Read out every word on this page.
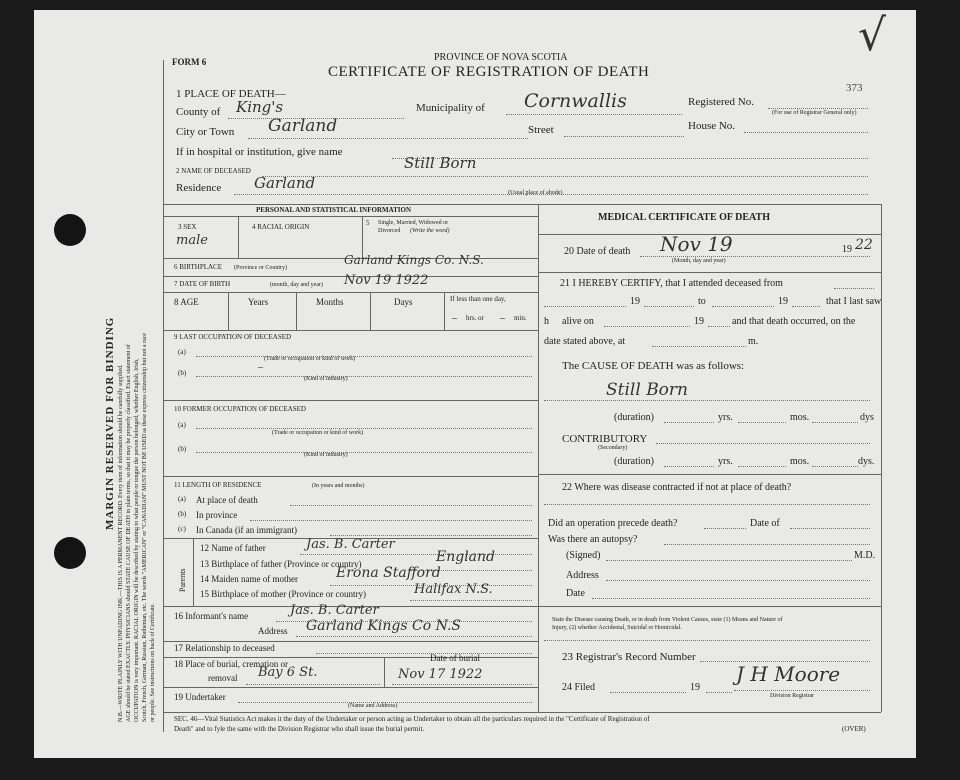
MARGIN RESERVED FOR BINDING N.B.—WRITE PLAINLY WITH UNFADING INK.—THIS IS A PERMANENT RECORD. Every item of information should be carefully supplied. AGE should be stated EXACTLY. PHYSICIANS should STATE CAUSE OF DEATH in plain terms, so that it may be properly classified. Exact statement of OCCUPATION is very important. RACIAL ORIGIN will be described by stating to what people or tongue the person belonged, whether English, Irish, Scotch, French, German, Russian, Ruthenian, etc. The words "AMERICAN" or "CANADIAN" MUST NOT BE USED as these express citizenship but not a race or people. See instructions on back of Certificate.
FORM 6	PROVINCE OF NOVA SCOTIA
CERTIFICATE OF REGISTRATION OF DEATH
√
373
1 PLACE OF DEATH—
County of King's	Municipality of Cornwallis	Registered No.
(For use of Registrar General only)
City or Town Garland	Street	House No.
If in hospital or institution, give name
2 NAME OF DECEASED	Still Born
Residence Garland
(Usual place of abode)
PERSONAL AND STATISTICAL INFORMATION
3 SEX
male
4 RACIAL ORIGIN	5 Single, Married, Widowed or
Divorced (Write the word)
6 BIRTHPLACE (Province or Country)
Garland Kings Co. N.S.
7 DATE OF BIRTH	(month, day and year) Nov 19 1922
8 AGE	Years	Months	Days	If less than one day,
– hrs. or – min.
9 LAST OCCUPATION OF DECEASED
(a)
(Trade or occupation or kind of work)
(b)	–
(Kind of industry)
10 FORMER OCCUPATION OF DECEASED
(a)
(Trade or occupation or kind of work)
(b)
(Kind of industry)
11 LENGTH OF RESIDENCE	(In years and months)
(a) At place of death
(b) In province
(c) In Canada (if an immigrant)
Parents
12 Name of father	Jas. B. Carter
13 Birthplace of father (Province or country)	England
14 Maiden name of mother	Erona Stafford
15 Birthplace of mother (Province or country)	Halifax N.S.
16 Informant's name	Jas. B. Carter
Address Garland Kings Co N.S
17 Relationship to deceased
18 Place of burial, cremation or
removal Bay 6 St.
Date of burial
Nov 17 1922
19 Undertaker
(Name and Address)
MEDICAL CERTIFICATE OF DEATH
20 Date of death Nov 19	19 22
(Month, day and year)
21 I HEREBY CERTIFY, that I attended deceased from
19	to	19	that I last saw
h alive on	19	and that death occurred, on the
date stated above, at	m.
The CAUSE OF DEATH was as follows:
Still Born
(duration)	yrs.	mos.	dys
CONTRIBUTORY
(Secondary)
(duration)	yrs.	mos.	dys.
22 Where was disease contracted if not at place of death?
Did an operation precede death?	Date of
Was there an autopsy?
(Signed)	M.D.
Address
Date
State the Disease causing Death, or in death from Violent Causes, state (1) Means and Nature of
Injury, (2) whether Accidental, Suicidal or Homicidal.
23 Registrar's Record Number
24 Filed	19
J H Moore
Division Registrar
SEC. 46—Vital Statistics Act makes it the duty of the Undertaker or person acting as Undertaker to obtain all the particulars required in the "Certificate of Registration of
Death" and to fyle the same with the Division Registrar who shall issue the burial permit.	(OVER)
